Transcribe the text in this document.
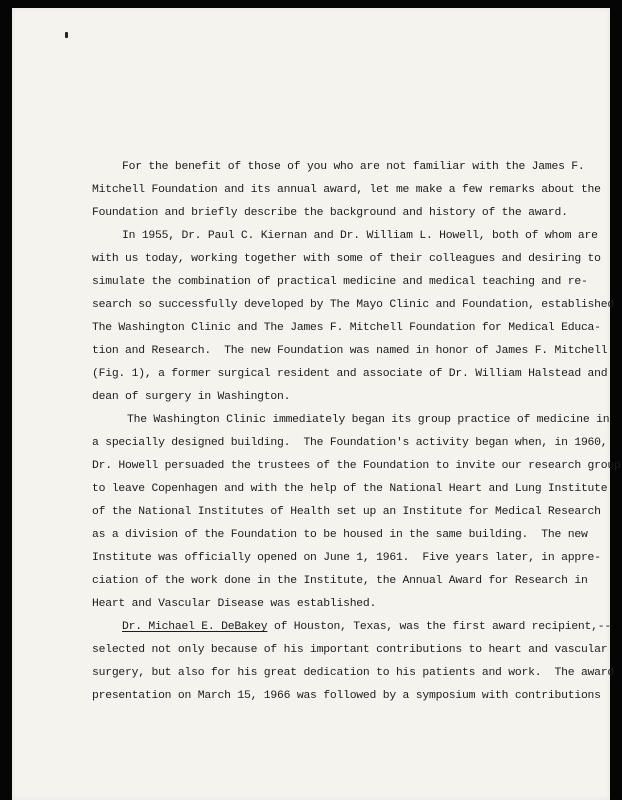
For the benefit of those of you who are not familiar with the James F.
Mitchell Foundation and its annual award, let me make a few remarks about the
Foundation and briefly describe the background and history of the award.
In 1955, Dr. Paul C. Kiernan and Dr. William L. Howell, both of whom are
with us today, working together with some of their colleagues and desiring to
simulate the combination of practical medicine and medical teaching and re-
search so successfully developed by The Mayo Clinic and Foundation, established
The Washington Clinic and The James F. Mitchell Foundation for Medical Educa-
tion and Research.  The new Foundation was named in honor of James F. Mitchell
(Fig. 1), a former surgical resident and associate of Dr. William Halstead and
dean of surgery in Washington.
The Washington Clinic immediately began its group practice of medicine in
a specially designed building.  The Foundation's activity began when, in 1960,
Dr. Howell persuaded the trustees of the Foundation to invite our research group
to leave Copenhagen and with the help of the National Heart and Lung Institute
of the National Institutes of Health set up an Institute for Medical Research
as a division of the Foundation to be housed in the same building.  The new
Institute was officially opened on June 1, 1961.  Five years later, in appre-
ciation of the work done in the Institute, the Annual Award for Research in
Heart and Vascular Disease was established.
Dr. Michael E. DeBakey of Houston, Texas, was the first award recipient,--
selected not only because of his important contributions to heart and vascular
surgery, but also for his great dedication to his patients and work.  The award
presentation on March 15, 1966 was followed by a symposium with contributions
